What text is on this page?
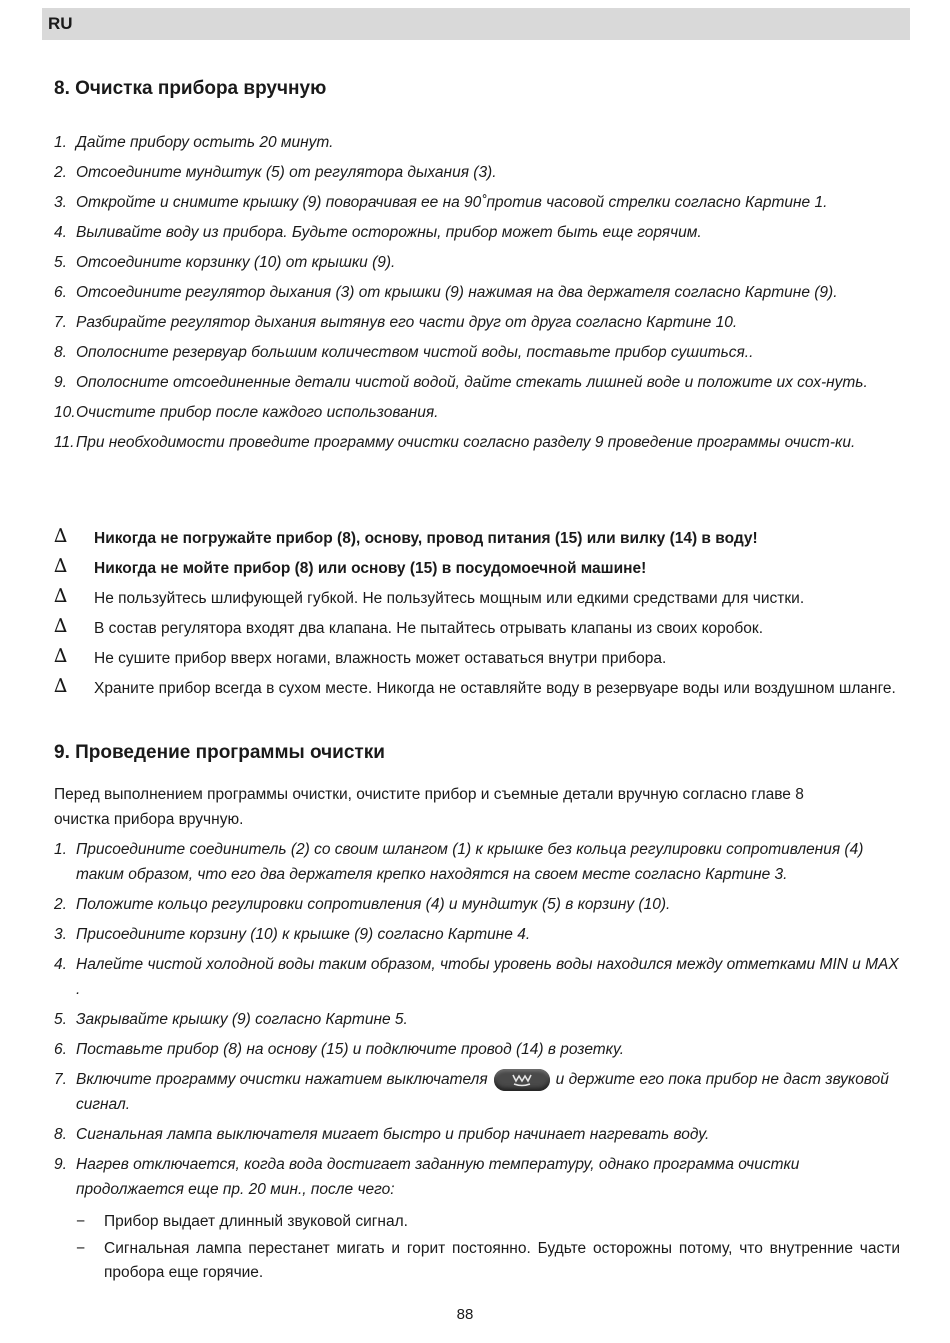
RU
8. Очистка прибора вручную
1. Дайте прибору остыть 20 минут.
2. Отсоедините мундштук (5) от регулятора дыхания (3).
3. Откройте и снимите крышку (9) поворачивая ее на 90˚против часовой стрелки согласно Картине 1.
4. Выливайте воду из прибора. Будьте осторожны, прибор может быть еще горячим.
5. Отсоедините корзинку (10) от крышки (9).
6. Отсоедините регулятор дыхания (3) от крышки (9) нажимая на два держателя согласно Картине (9).
7. Разбирайте регулятор дыхания вытянув его части друг от друга согласно Картине 10.
8. Ополосните резервуар большим количеством чистой воды, поставьте прибор сушиться..
9. Ополосните отсоединенные детали чистой водой, дайте стекать лишней воде и положите их сох-нуть.
10. Очистите прибор после каждого использования.
11. При необходимости проведите программу очистки согласно разделу 9 проведение программы очист-ки.
∆ Никогда не погружайте прибор (8), основу, провод питания (15) или вилку (14) в воду!
∆ Никогда не мойте прибор (8) или основу (15) в посудомоечной машине!
∆ Не пользуйтесь шлифующей губкой. Не пользуйтесь мощным или едкими средствами для чистки.
∆ В состав регулятора входят два клапана. Не пытайтесь отрывать клапаны из своих коробок.
∆ Не сушите прибор вверх ногами, влажность может оставаться внутри прибора.
∆	Храните прибор всегда в сухом месте. Никогда не оставляйте воду в резервуаре воды или воздушном шланге.
9. Проведение программы очистки
Перед выполнением программы очистки, очистите прибор и съемные детали вручную согласно главе 8 очистка прибора вручную.
1. Присоедините соединитель (2) со своим шлангом (1) к крышке без кольца регулировки сопротивления (4) таким образом, что его два держателя крепко находятся на своем месте согласно Картине 3.
2. Положите кольцо регулировки сопротивления (4) и мундштук (5) в корзину (10).
3. Присоедините корзину (10) к крышке (9) согласно Картине 4.
4. Налейте чистой холодной воды таким образом, чтобы уровень воды находился между отметками MIN и MAX .
5. Закрывайте крышку (9) согласно Картине 5.
6. Поставьте прибор (8) на основу (15) и подключите провод (14) в розетку.
7. Включите программу очистки нажатием выключателя	и держите его пока прибор не даст звуковой сигнал.
8. Сигнальная лампа выключателя мигает быстро и прибор начинает нагревать воду.
9. Нагрев отключается, когда вода достигает заданную температуру, однако программа очистки продолжается еще пр. 20 мин., после чего:
− Прибор выдает длинный звуковой сигнал.
− Сигнальная лампа перестанет мигать и горит постоянно. Будьте осторожны потому, что внутренние части пробора еще горячие.
88
